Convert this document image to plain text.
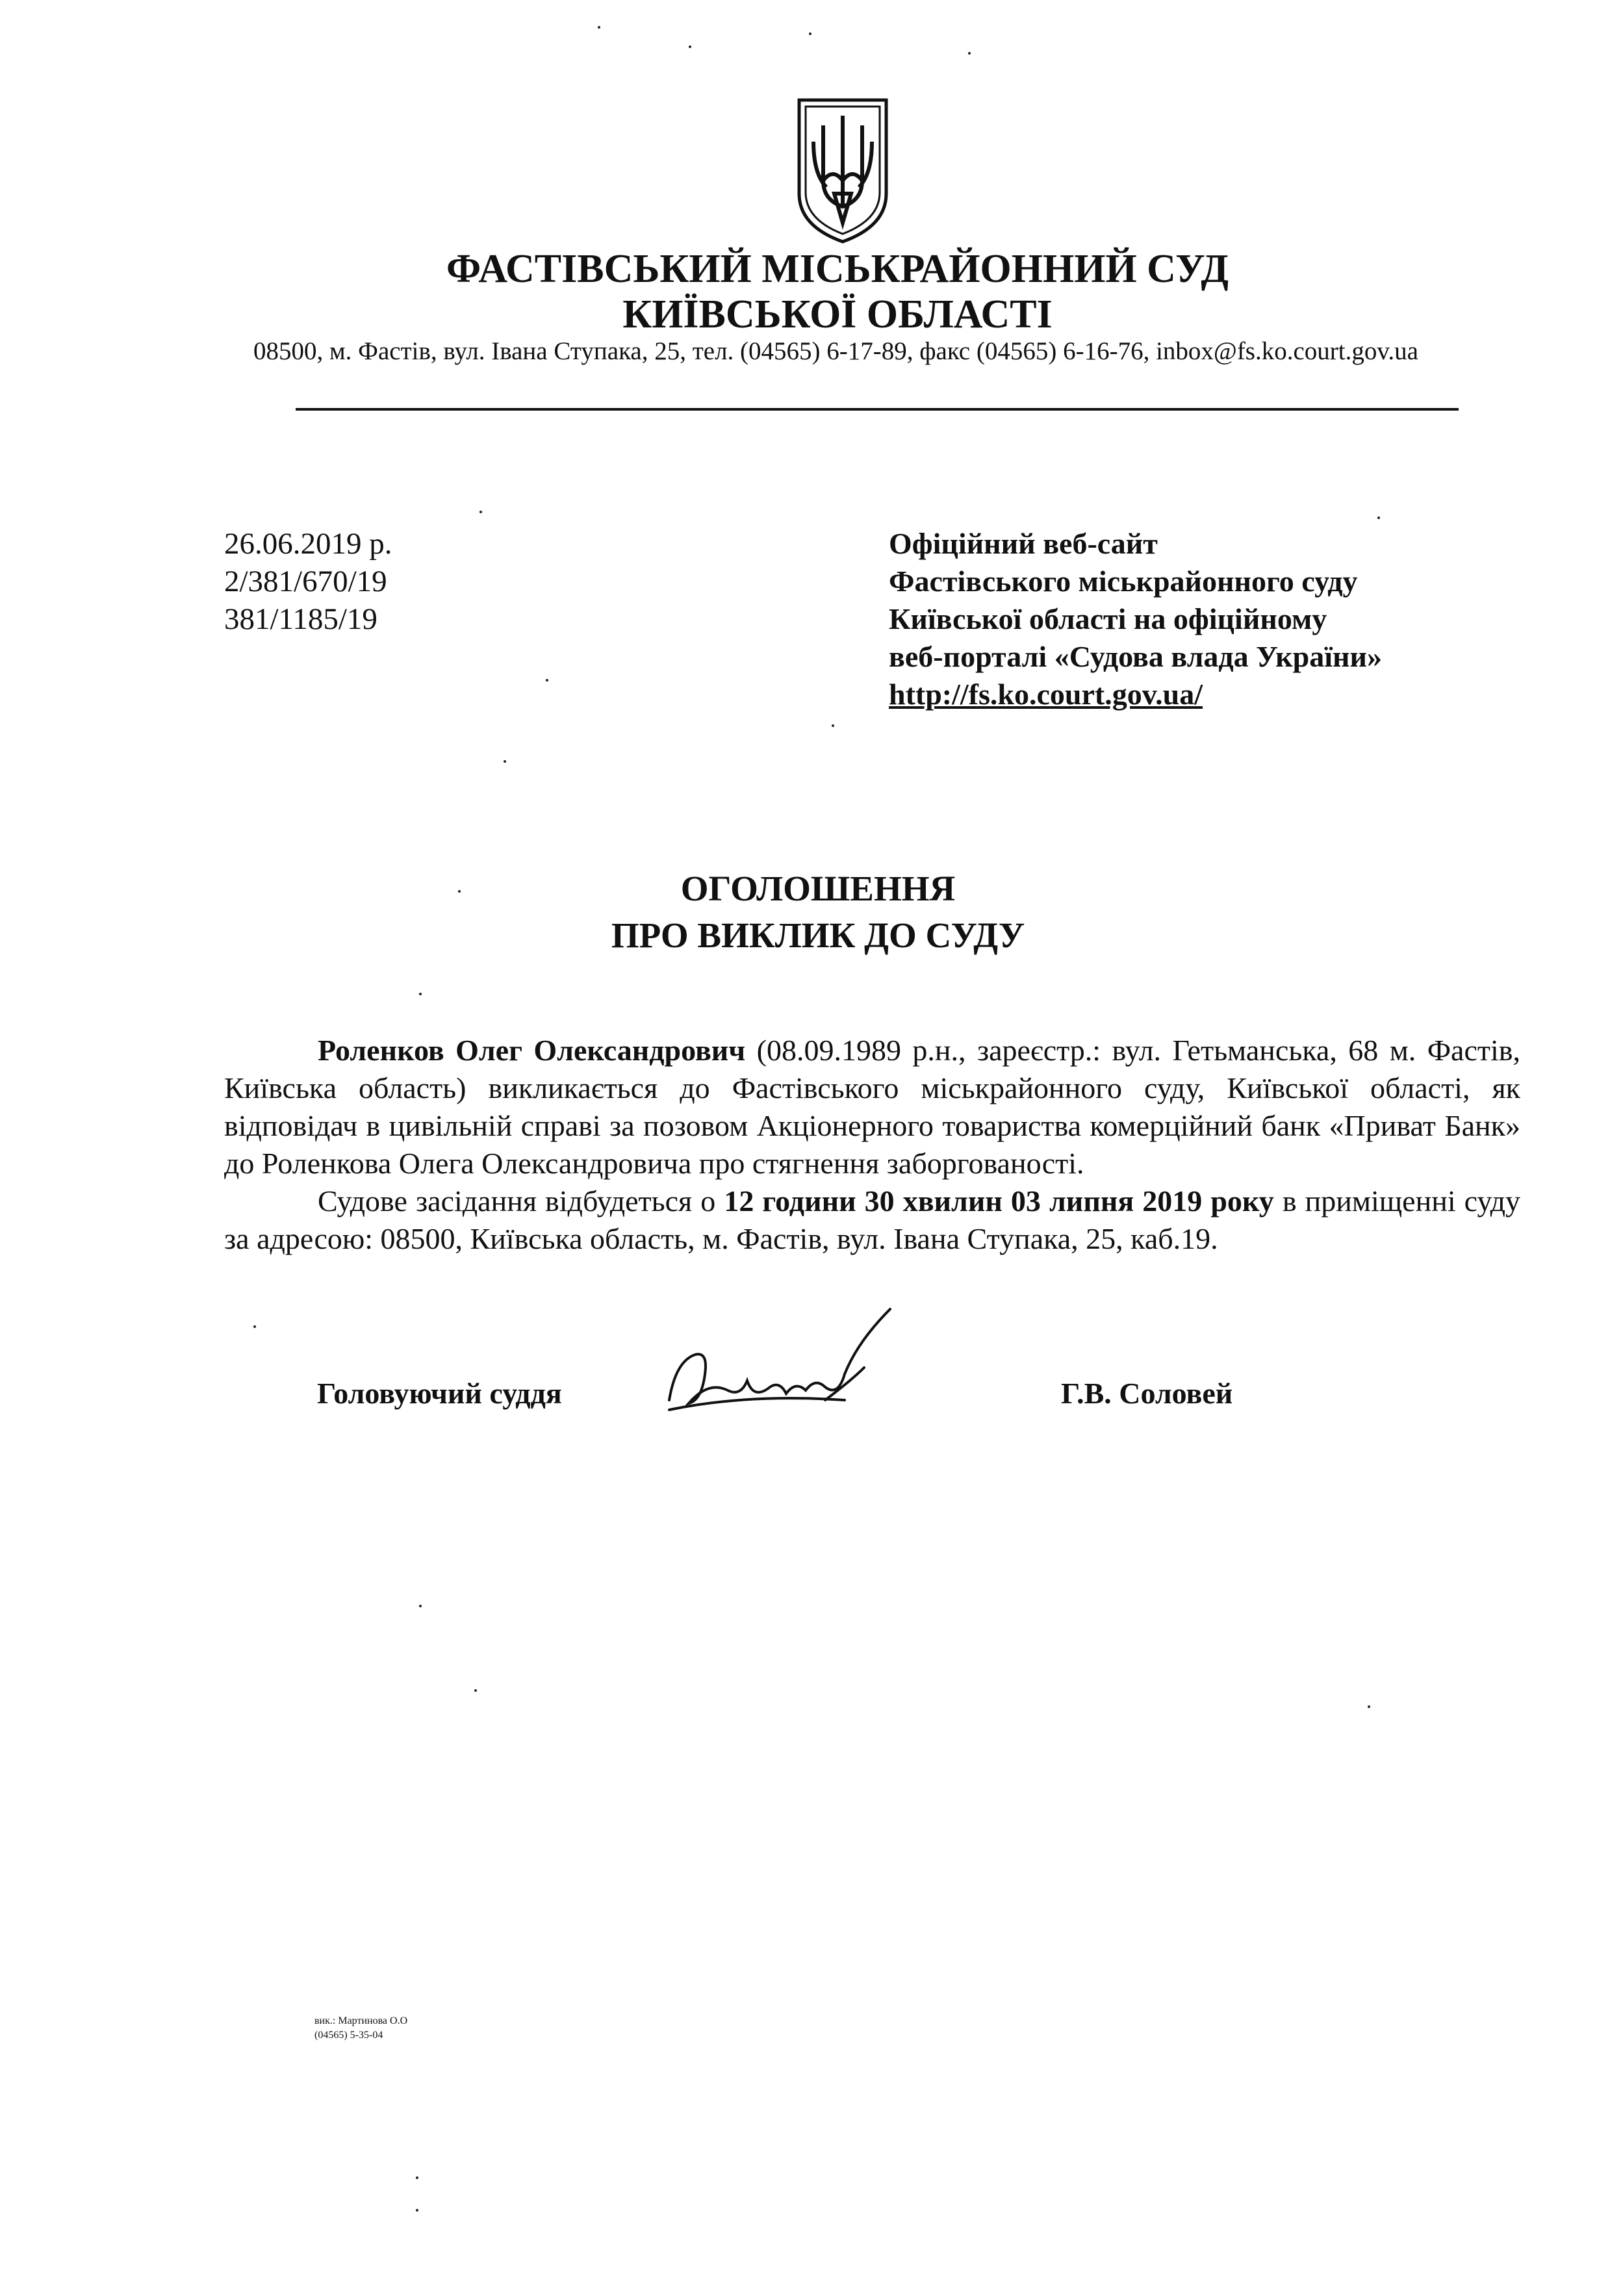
ФАСТІВСЬКИЙ МІСЬКРАЙОННИЙ СУД
КИЇВСЬКОЇ ОБЛАСТІ
08500, м. Фастів, вул. Івана Ступака, 25, тел. (04565) 6-17-89, факс (04565) 6-16-76, inbox@fs.ko.court.gov.ua
26.06.2019 р.
2/381/670/19
381/1185/19
Офіційний веб-сайт
Фастівського міськрайонного суду
Київської області на офіційному
веб-порталі «Судова влада України»
http://fs.ko.court.gov.ua/
ОГОЛОШЕННЯ
ПРО ВИКЛИК ДО СУДУ

Роленков Олег Олександрович (08.09.1989 р.н., зареєстр.: вул. Гетьманська, 68 м. Фастів, Київська область) викликається до Фастівського міськрайонного суду, Київської області, як відповідач в цивільній справі за позовом Акціонерного товариства комерційний банк «Приват Банк» до Роленкова Олега Олександровича про стягнення заборгованості.

Судове засідання відбудеться о 12 години 30 хвилин 03 липня 2019 року в приміщенні суду за адресою: 08500, Київська область, м. Фастів, вул. Івана Ступака, 25, каб.19.

Головуючий суддя	Г.В. Соловей
вик.: Мартинова О.О
(04565) 5-35-04
